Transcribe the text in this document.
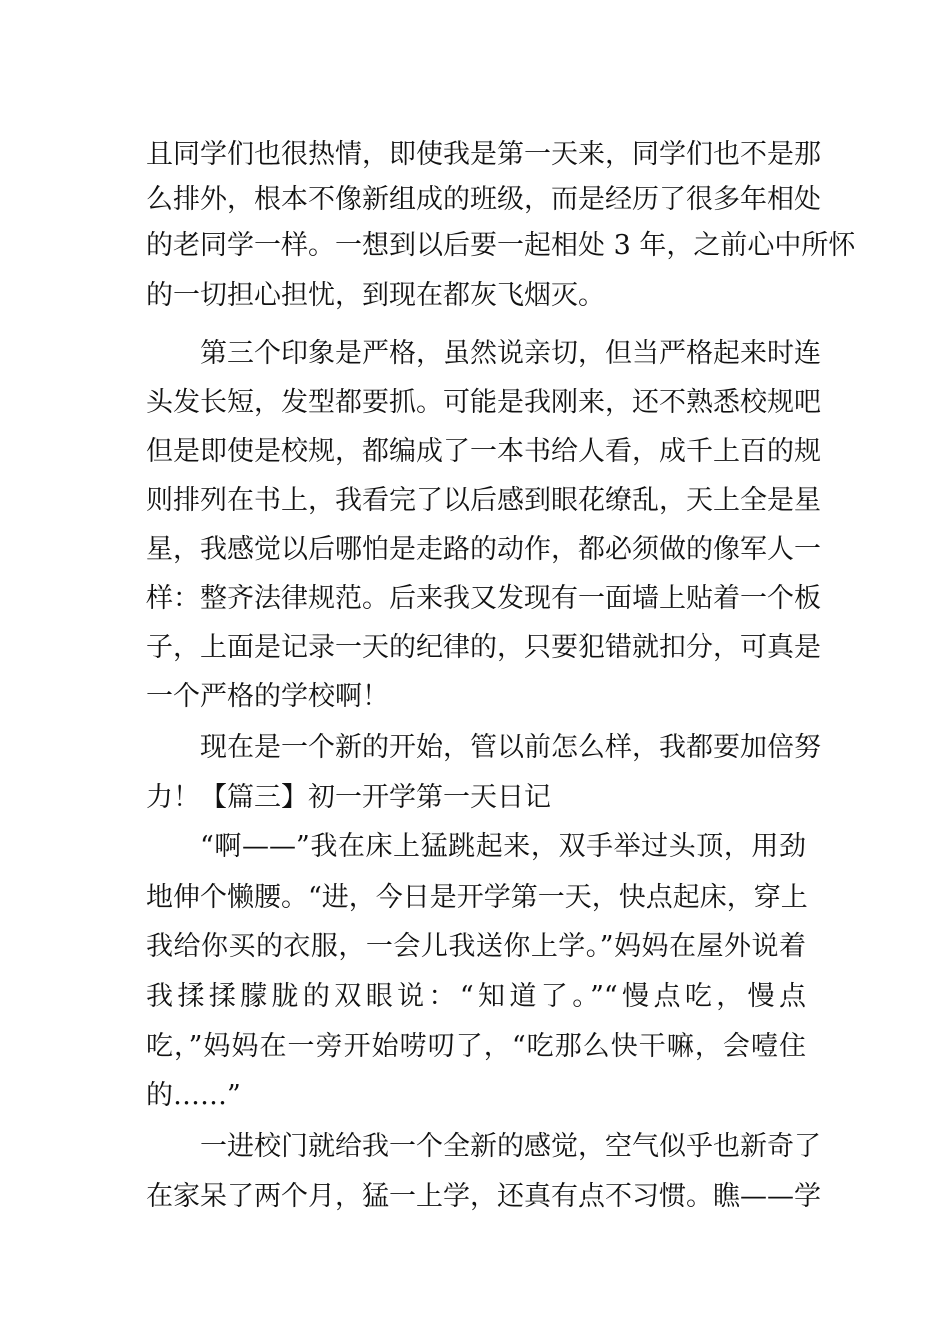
且同学们也很热情，即使我是第一天来，同学们也不是那
么排外，根本不像新组成的班级，而是经历了很多年相处
的老同学一样。一想到以后要一起相处 3 年，之前心中所怀
的一切担心担忧，到现在都灰飞烟灭。
第三个印象是严格，虽然说亲切，但当严格起来时连
头发长短，发型都要抓。可能是我刚来，还不熟悉校规吧
但是即使是校规，都编成了一本书给人看，成千上百的规
则排列在书上，我看完了以后感到眼花缭乱，天上全是星
星，我感觉以后哪怕是走路的动作，都必须做的像军人一
样：整齐法律规范。后来我又发现有一面墙上贴着一个板
子，上面是记录一天的纪律的，只要犯错就扣分，可真是
一个严格的学校啊！
现在是一个新的开始，管以前怎么样，我都要加倍努
力！【篇三】初一开学第一天日记
“啊——”我在床上猛跳起来，双手举过头顶，用劲
地伸个懒腰。“进，今日是开学第一天，快点起床，穿上
我给你买的衣服，一会儿我送你上学。”妈妈在屋外说着
我揉揉朦胧的双眼说：“知道了。”“慢点吃，慢点
吃，”妈妈在一旁开始唠叨了，“吃那么快干嘛，会噎住
的……”
一进校门就给我一个全新的感觉，空气似乎也新奇了
在家呆了两个月，猛一上学，还真有点不习惯。瞧——学
